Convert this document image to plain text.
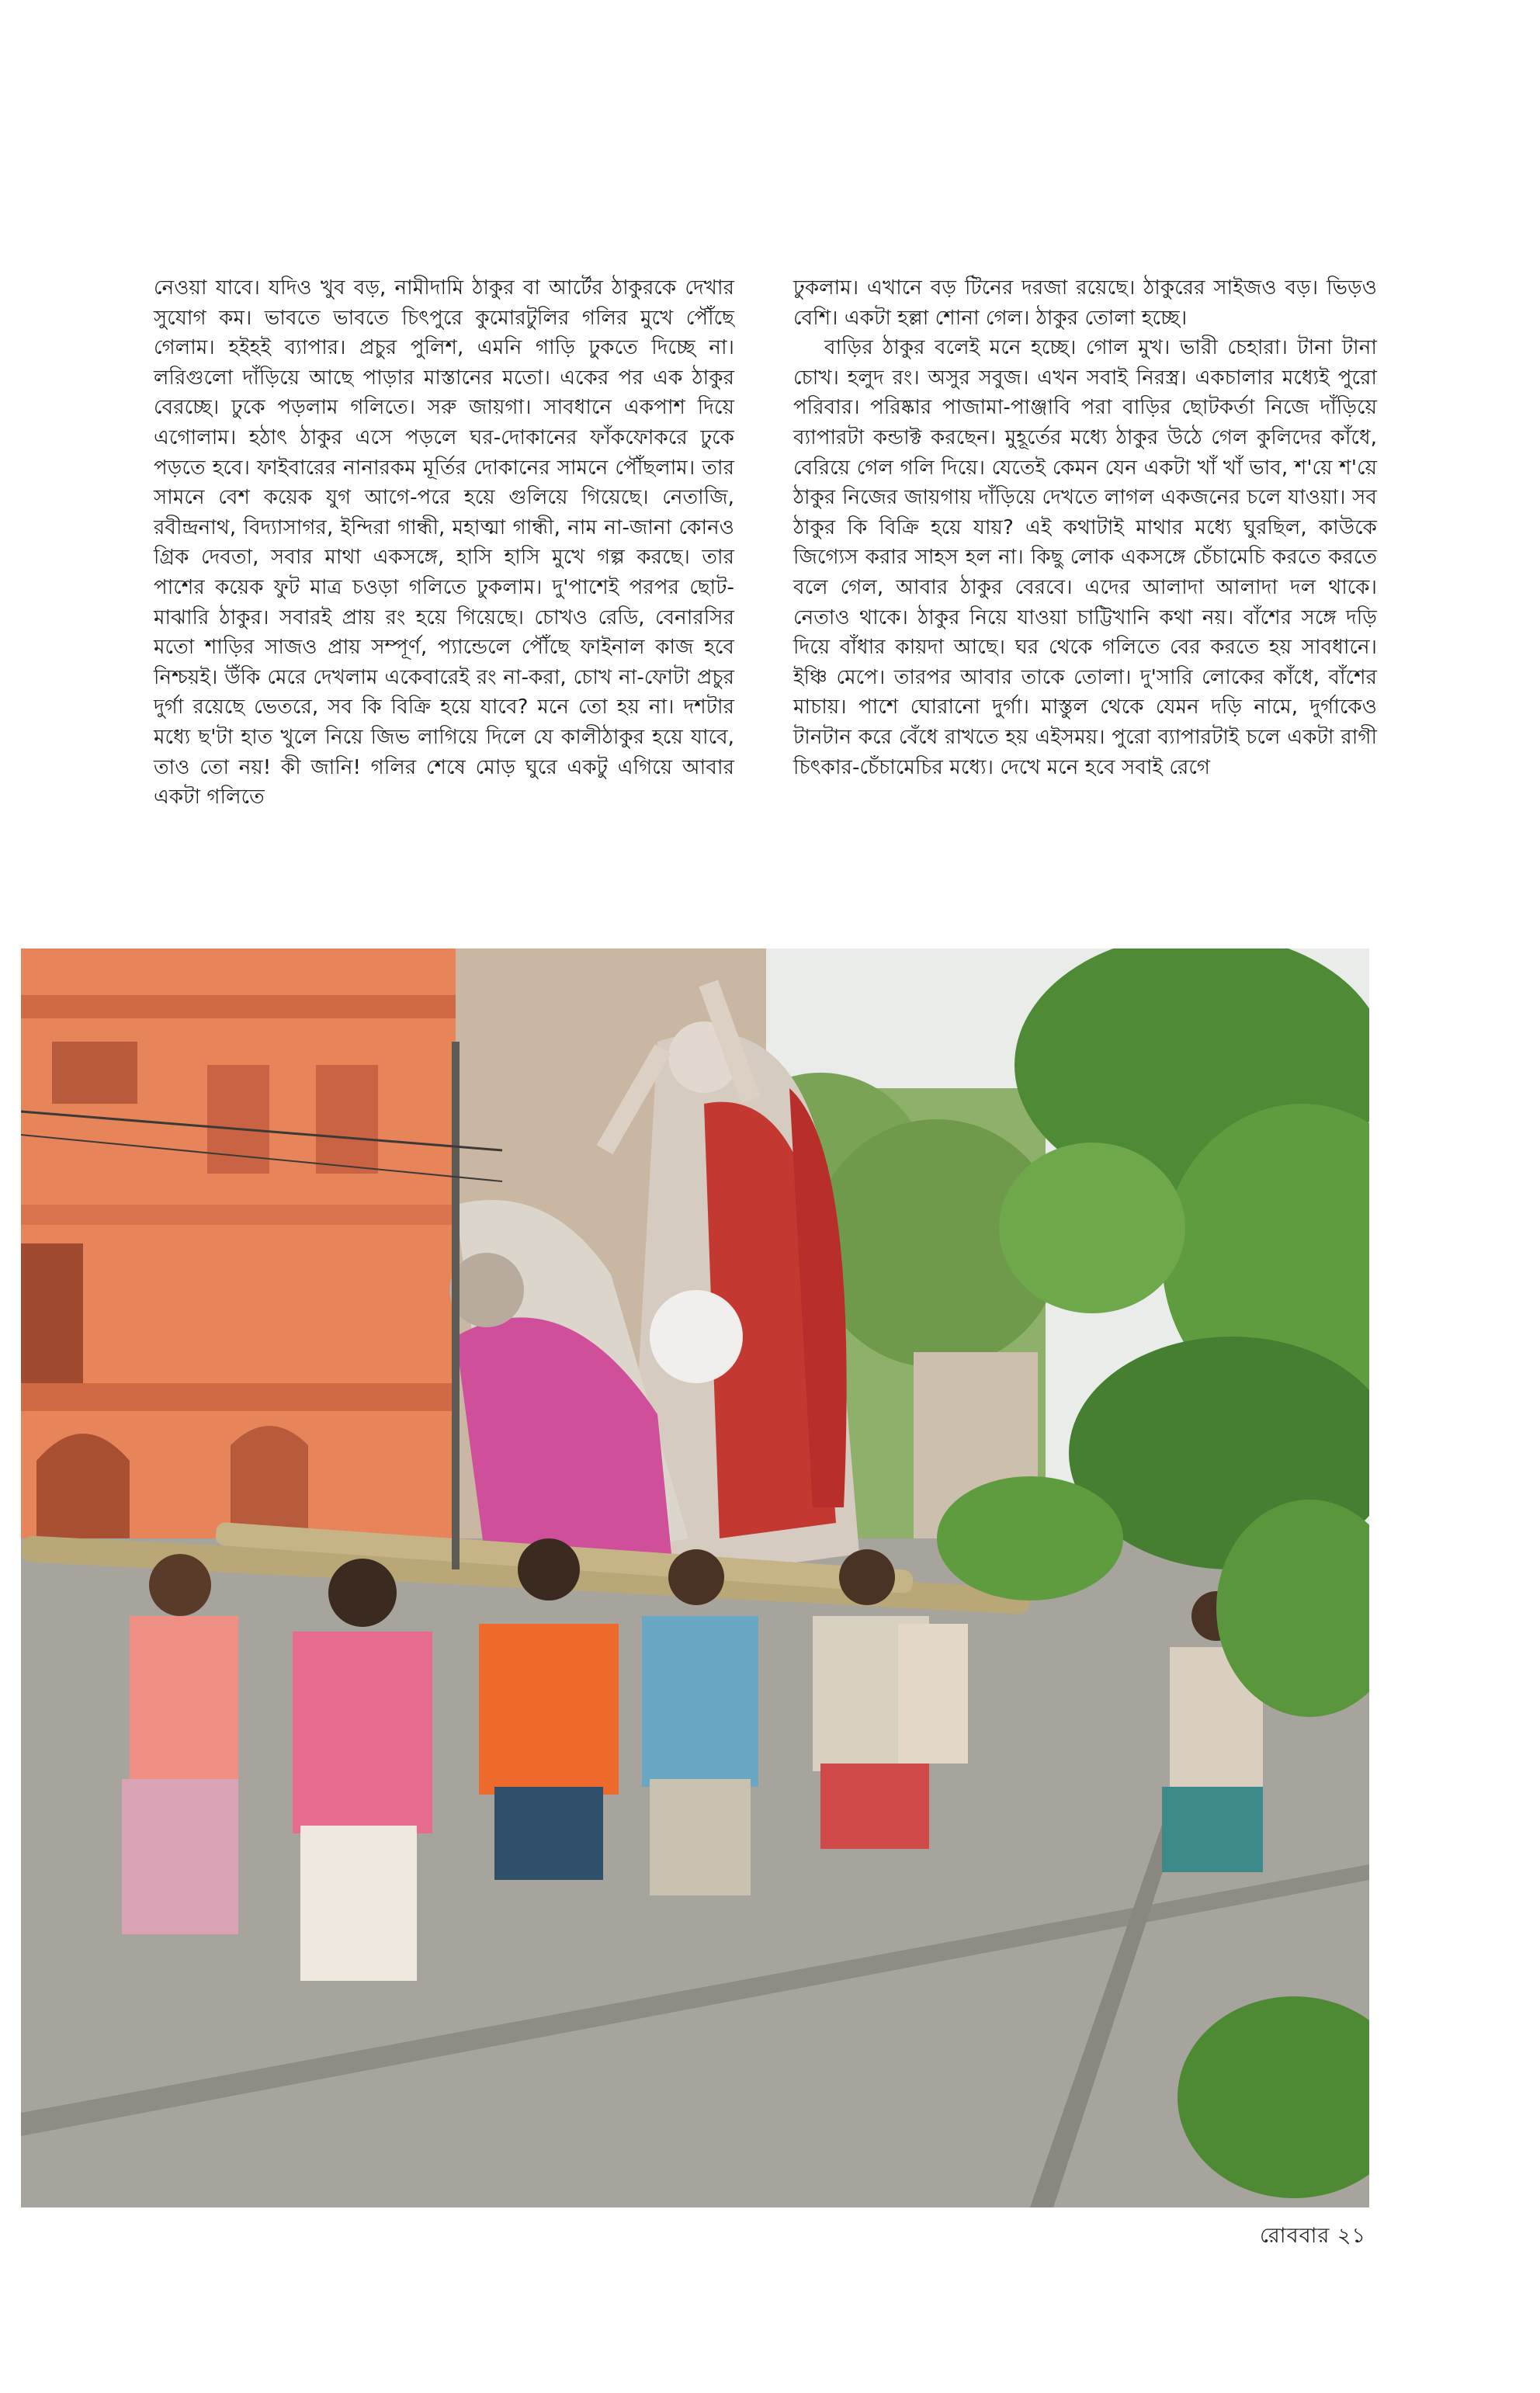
নেওয়া যাবে। যদিও খুব বড়, নামীদামি ঠাকুর বা আর্টের ঠাকুরকে দেখার সুযোগ কম। ভাবতে ভাবতে চিৎপুরে কুমোরটুলির গলির মুখে পৌঁছে গেলাম। হইহই ব্যাপার। প্রচুর পুলিশ, এমনি গাড়ি ঢুকতে দিচ্ছে না। লরিগুলো দাঁড়িয়ে আছে পাড়ার মাস্তানের মতো। একের পর এক ঠাকুর বেরচ্ছে। ঢুকে পড়লাম গলিতে। সরু জায়গা। সাবধানে একপাশ দিয়ে এগোলাম। হঠাৎ ঠাকুর এসে পড়লে ঘর-দোকানের ফাঁকফোকরে ঢুকে পড়তে হবে। ফাইবারের নানারকম মূর্তির দোকানের সামনে পৌঁছলাম। তার সামনে বেশ কয়েক যুগ আগে-পরে হয়ে গুলিয়ে গিয়েছে। নেতাজি, রবীন্দ্রনাথ, বিদ্যাসাগর, ইন্দিরা গান্ধী, মহাত্মা গান্ধী, নাম না-জানা কোনও গ্রিক দেবতা, সবার মাথা একসঙ্গে, হাসি হাসি মুখে গল্প করছে। তার পাশের কয়েক ফুট মাত্র চওড়া গলিতে ঢুকলাম। দু'পাশেই পরপর ছোট-মাঝারি ঠাকুর। সবারই প্রায় রং হয়ে গিয়েছে। চোখও রেডি, বেনারসির মতো শাড়ির সাজও প্রায় সম্পূর্ণ, প্যান্ডেলে পৌঁছে ফাইনাল কাজ হবে নিশ্চয়ই। উঁকি মেরে দেখলাম একেবারেই রং না-করা, চোখ না-ফোটা প্রচুর দুর্গা রয়েছে ভেতরে, সব কি বিক্রি হয়ে যাবে? মনে তো হয় না। দশটার মধ্যে ছ'টা হাত খুলে নিয়ে জিভ লাগিয়ে দিলে যে কালীঠাকুর হয়ে যাবে, তাও তো নয়! কী জানি! গলির শেষে মোড় ঘুরে একটু এগিয়ে আবার একটা গলিতে

ঢুকলাম। এখানে বড় টিনের দরজা রয়েছে। ঠাকুরের সাইজও বড়। ভিড়ও বেশি। একটা হল্লা শোনা গেল। ঠাকুর তোলা হচ্ছে।

বাড়ির ঠাকুর বলেই মনে হচ্ছে। গোল মুখ। ভারী চেহারা। টানা টানা চোখ। হলুদ রং। অসুর সবুজ। এখন সবাই নিরস্ত্র। একচালার মধ্যেই পুরো পরিবার। পরিষ্কার পাজামা-পাঞ্জাবি পরা বাড়ির ছোটকর্তা নিজে দাঁড়িয়ে ব্যাপারটা কন্ডাক্ট করছেন। মুহূর্তের মধ্যে ঠাকুর উঠে গেল কুলিদের কাঁধে, বেরিয়ে গেল গলি দিয়ে। যেতেই কেমন যেন একটা খাঁ খাঁ ভাব, শ'য়ে শ'য়ে ঠাকুর নিজের জায়গায় দাঁড়িয়ে দেখতে লাগল একজনের চলে যাওয়া। সব ঠাকুর কি বিক্রি হয়ে যায়? এই কথাটাই মাথার মধ্যে ঘুরছিল, কাউকে জিগ্যেস করার সাহস হল না। কিছু লোক একসঙ্গে চেঁচামেচি করতে করতে বলে গেল, আবার ঠাকুর বেরবে। এদের আলাদা আলাদা দল থাকে। নেতাও থাকে। ঠাকুর নিয়ে যাওয়া চাট্টিখানি কথা নয়। বাঁশের সঙ্গে দড়ি দিয়ে বাঁধার কায়দা আছে। ঘর থেকে গলিতে বের করতে হয় সাবধানে। ইঞ্চি মেপে। তারপর আবার তাকে তোলা। দু'সারি লোকের কাঁধে, বাঁশের মাচায়। পাশে ঘোরানো দুর্গা। মাস্তুল থেকে যেমন দড়ি নামে, দুর্গাকেও টানটান করে বেঁধে রাখতে হয় এইসময়। পুরো ব্যাপারটাই চলে একটা রাগী চিৎকার-চেঁচামেচির মধ্যে। দেখে মনে হবে সবাই রেগে

রোববার ২১
